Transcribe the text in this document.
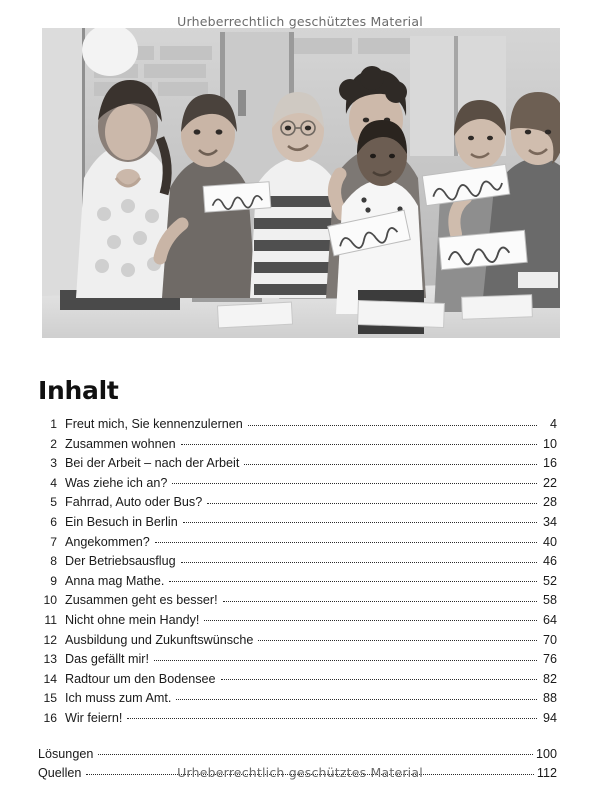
Urheberrechtlich geschütztes Material
Inhalt
1 Freut mich, Sie kennenzulernen	4
2 Zusammen wohnen	10
3 Bei der Arbeit – nach der Arbeit	16
4 Was ziehe ich an?	22
5 Fahrrad, Auto oder Bus?	28
6 Ein Besuch in Berlin	34
7 Angekommen?	40
8 Der Betriebsausflug	46
9 Anna mag Mathe.	52
10 Zusammen geht es besser!	58
11 Nicht ohne mein Handy!	64
12 Ausbildung und Zukunftswünsche	70
13 Das gefällt mir!	76
14 Radtour um den Bodensee	82
15 Ich muss zum Amt.	88
16 Wir feiern!	94
Lösungen	100
Quellen	112
Urheberrechtlich geschütztes Material
